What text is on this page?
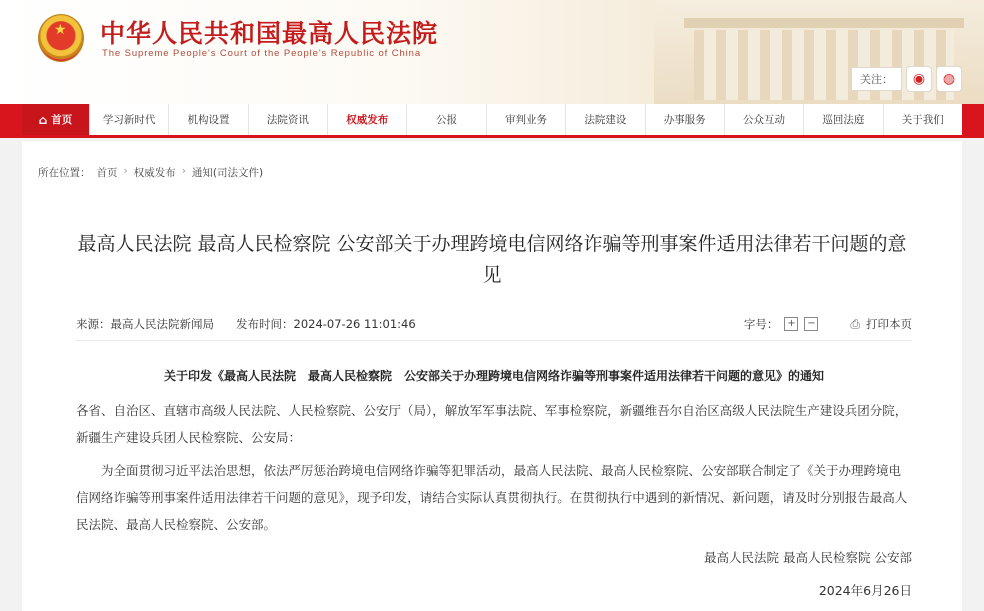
★ 中华人民共和国最高人民法院
The Supreme People's Court of the People's Republic of China
关注：	◉	◍
⌂ 首页	学习新时代	机构设置	法院资讯	权威发布	公报	审判业务	法院建设	办事服务	公众互动	巡回法庭	关于我们
所在位置： 首页 › 权威发布 › 通知(司法文件)
最高人民法院 最高人民检察院 公安部关于办理跨境电信网络诈骗等刑事案件适用法律若干问题的意见
来源： 最高人民法院新闻局 发布时间： 2024-07-26 11:01:46	字号： + −	⎙ 打印本页
关于印发《最高人民法院　最高人民检察院　公安部关于办理跨境电信网络诈骗等刑事案件适用法律若干问题的意见》的通知

各省、自治区、直辖市高级人民法院、人民检察院、公安厅（局），解放军军事法院、军事检察院，新疆维吾尔自治区高级人民法院生产建设兵团分院，新疆生产建设兵团人民检察院、公安局：

为全面贯彻习近平法治思想，依法严厉惩治跨境电信网络诈骗等犯罪活动，最高人民法院、最高人民检察院、公安部联合制定了《关于办理跨境电信网络诈骗等刑事案件适用法律若干问题的意见》，现予印发，请结合实际认真贯彻执行。在贯彻执行中遇到的新情况、新问题，请及时分别报告最高人民法院、最高人民检察院、公安部。

最高人民法院 最高人民检察院 公安部
2024年6月26日
